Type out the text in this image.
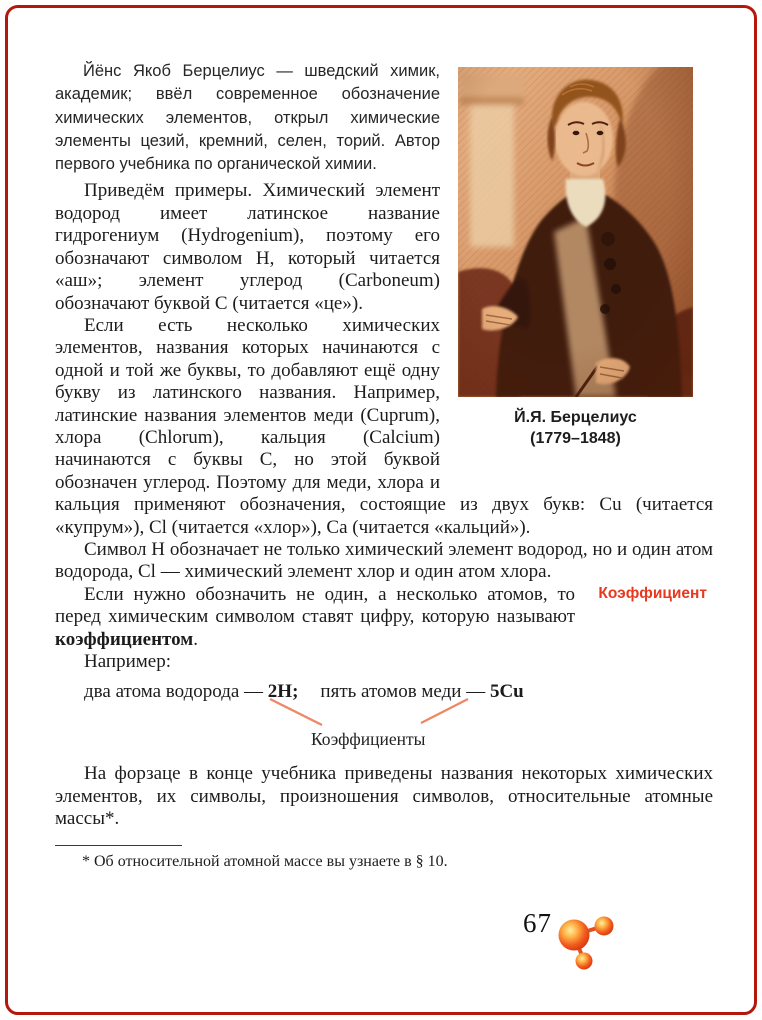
Й.Я. Берцелиус
(1779–1848)

Йёнс Якоб Берцелиус — шведский химик, академик; ввёл современное обозначение химических элементов, открыл химические элементы цезий, кремний, селен, торий. Автор первого учебника по органической химии.

Приведём примеры. Химический элемент водород имеет латинское название гидрогениум (Hydrogenium), поэтому его обозначают символом H, который читается «аш»; элемент углерод (Carboneum) обозначают буквой C (читается «це»).

Если есть несколько химических элементов, названия которых начинаются с одной и той же буквы, то добавляют ещё одну букву из латинского названия. Например, латинские названия элементов меди (Cuprum), хлора (Chlorum), кальция (Calcium) начинаются с буквы C, но этой буквой обозначен углерод. Поэтому для меди, хлора и кальция применяют обозначения, состоящие из двух букв: Cu (читается «купрум»), Cl (читается «хлор»), Ca (читается «кальций»).

Символ H обозначает не только химический элемент водород, но и один атом водорода, Cl — химический элемент хлор и один атом хлора.

Коэффициент

Если нужно обозначить не один, а несколько атомов, то перед химическим символом ставят цифру, которую называют коэффициентом.

Например:

два атома водорода — 2H; пять атомов меди — 5Cu
Коэффициенты

На форзаце в конце учебника приведены названия некоторых химических элементов, их символы, произношения символов, относительные атомные массы*.

* Об относительной атомной массе вы узнаете в § 10.

67
